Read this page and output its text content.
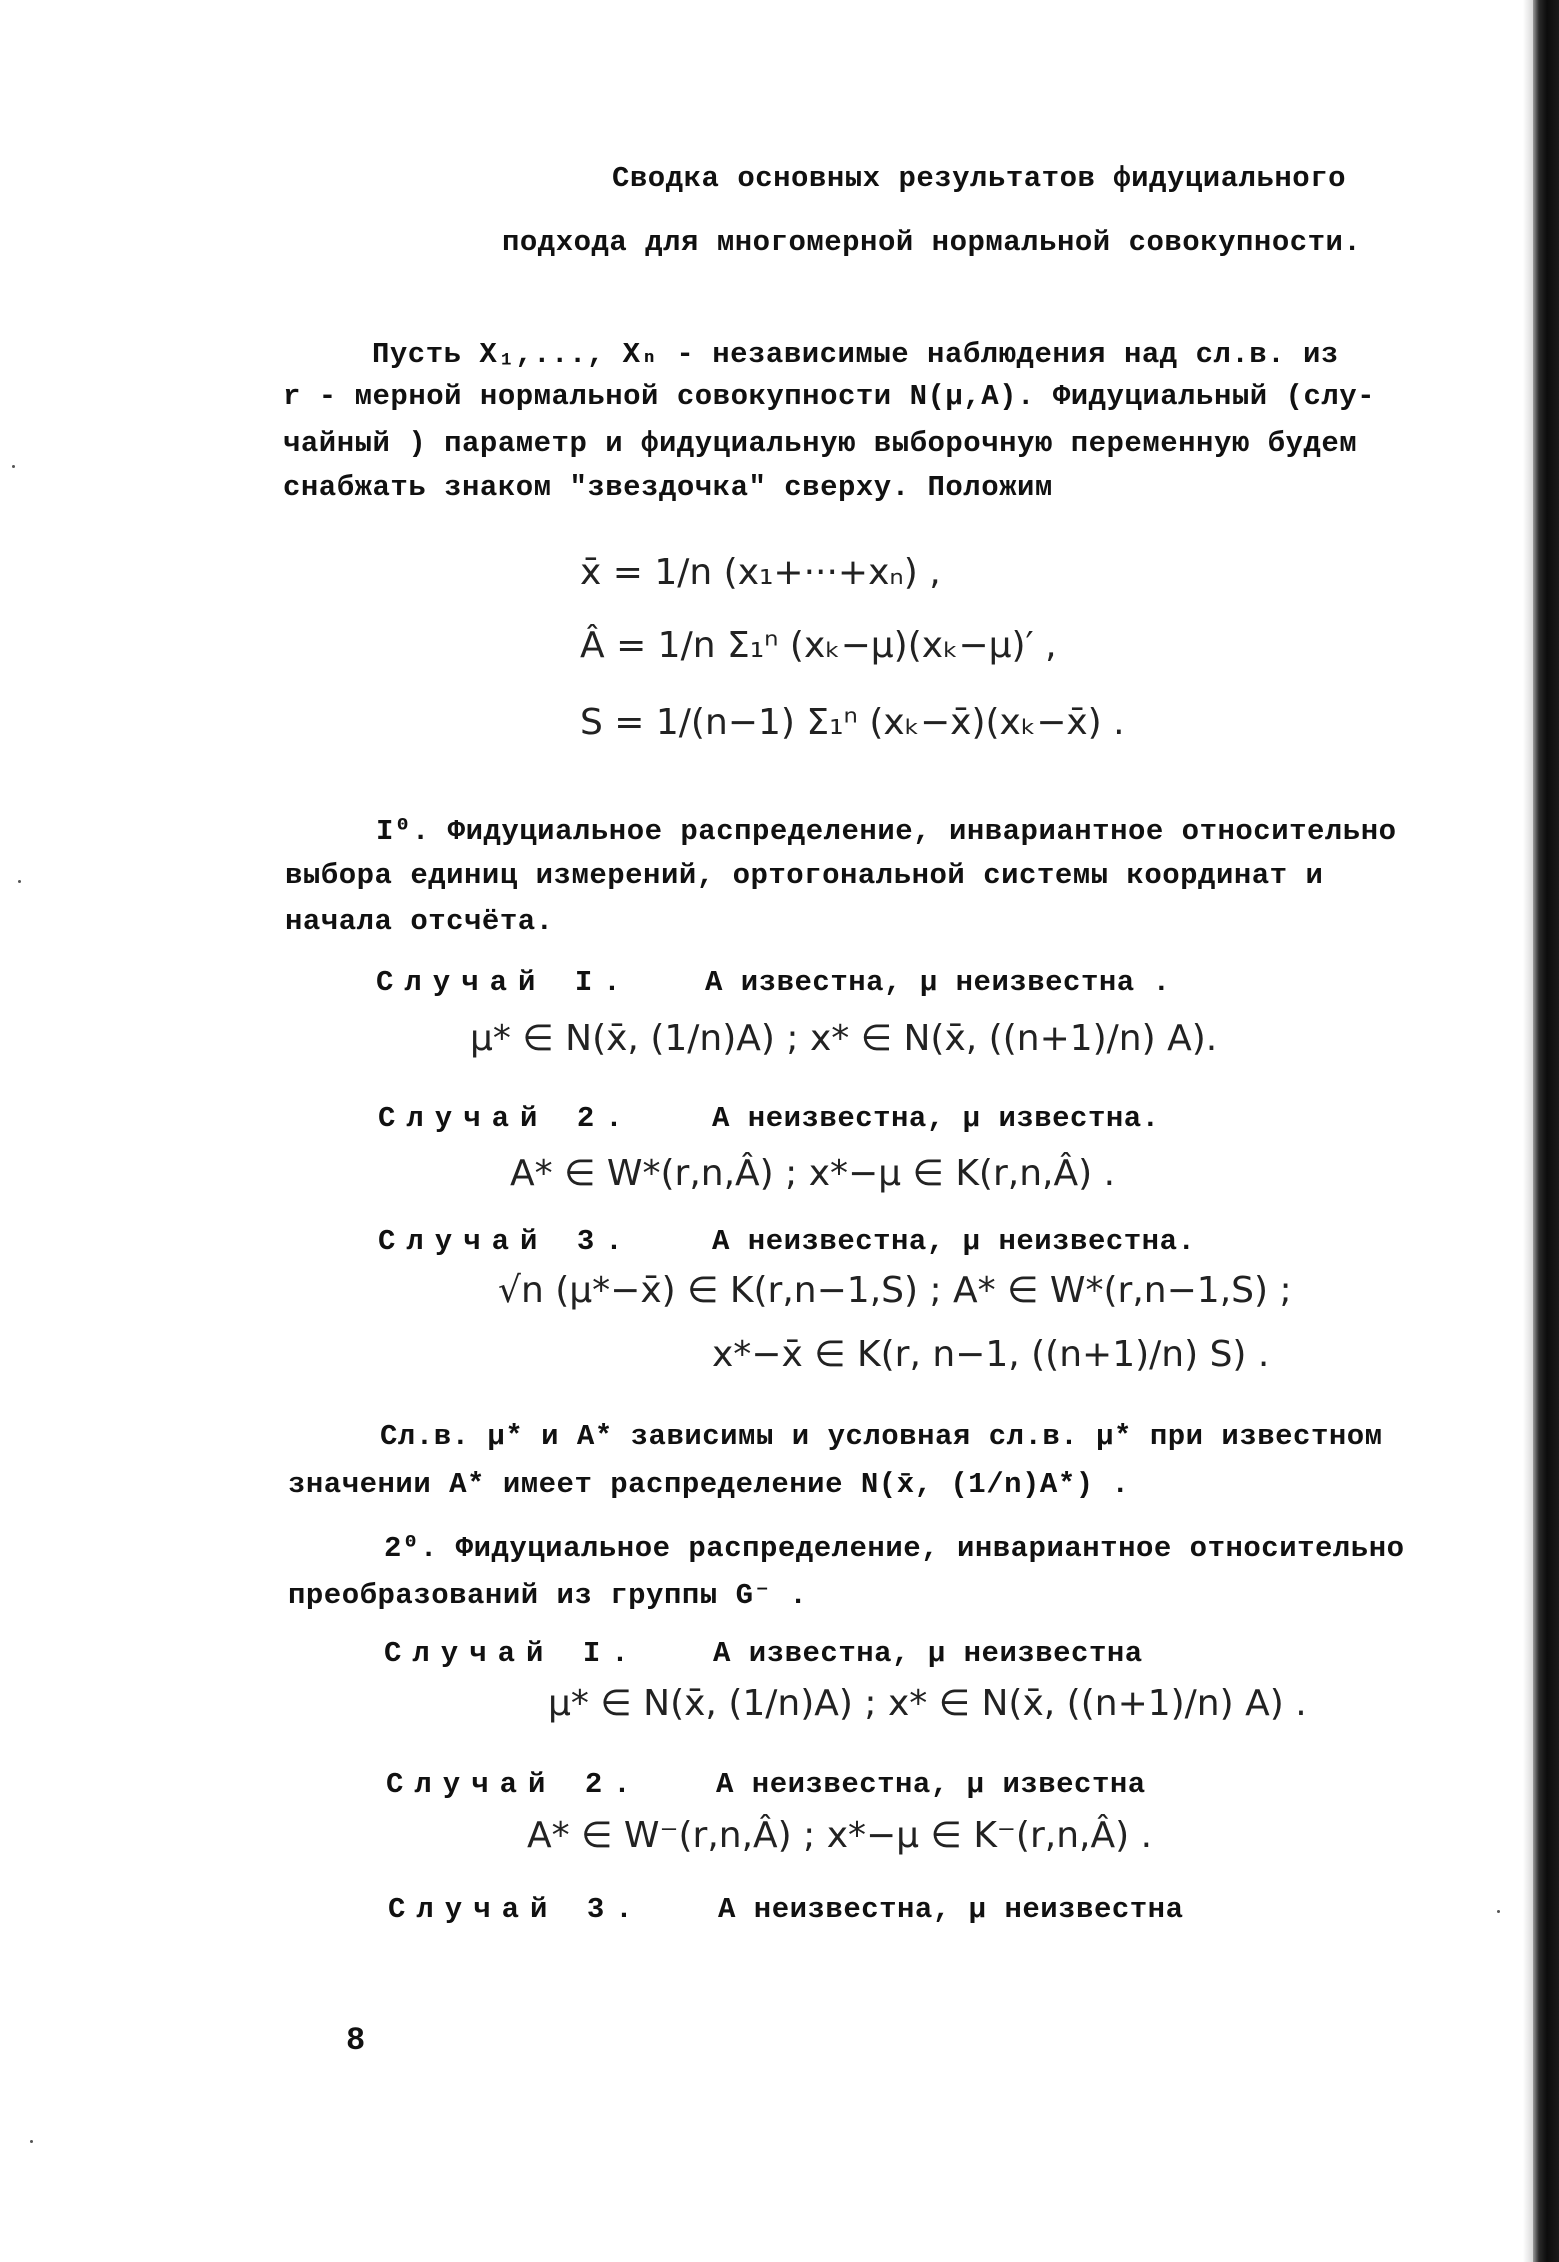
Сводка основных результатов фидуциального
подхода для многомерной нормальной совокупности.
Пусть X₁,..., Xₙ - независимые наблюдения над сл.в. из
r - мерной нормальной совокупности N(μ,A). Фидуциальный (слу-
чайный ) параметр и фидуциальную выборочную переменную будем
снабжать знаком "звездочка" сверху. Положим
x̄ = 1/n (x₁+···+xₙ) ,
Â = 1/n Σ₁ⁿ (xₖ−μ)(xₖ−μ)′ ,
S = 1/(n−1) Σ₁ⁿ (xₖ−x̄)(xₖ−x̄) .
I⁰. Фидуциальное распределение, инвариантное относительно
выбора единиц измерений, ортогональной системы координат и
начала отсчёта.
Случай I.	A известна, μ неизвестна .
μ* ∈ N(x̄, (1/n)A) ; x* ∈ N(x̄, ((n+1)/n) A).
Случай 2.	A неизвестна, μ известна.
A* ∈ W*(r,n,Â) ; x*−μ ∈ K(r,n,Â) .
Случай 3.	A неизвестна, μ неизвестна.
√n (μ*−x̄) ∈ K(r,n−1,S) ; A* ∈ W*(r,n−1,S) ;
x*−x̄ ∈ K(r, n−1, ((n+1)/n) S) .
Сл.в. μ* и A* зависимы и условная сл.в. μ* при известном
значении A* имеет распределение N(x̄, (1/n)A*) .
2⁰. Фидуциальное распределение, инвариантное относительно
преобразований из группы G⁻ .
Случай I.	A известна, μ неизвестна
μ* ∈ N(x̄, (1/n)A) ; x* ∈ N(x̄, ((n+1)/n) A) .
Случай 2.	A неизвестна, μ известна
A* ∈ W⁻(r,n,Â) ; x*−μ ∈ K⁻(r,n,Â) .
Случай 3.	A неизвестна, μ неизвестна
8
